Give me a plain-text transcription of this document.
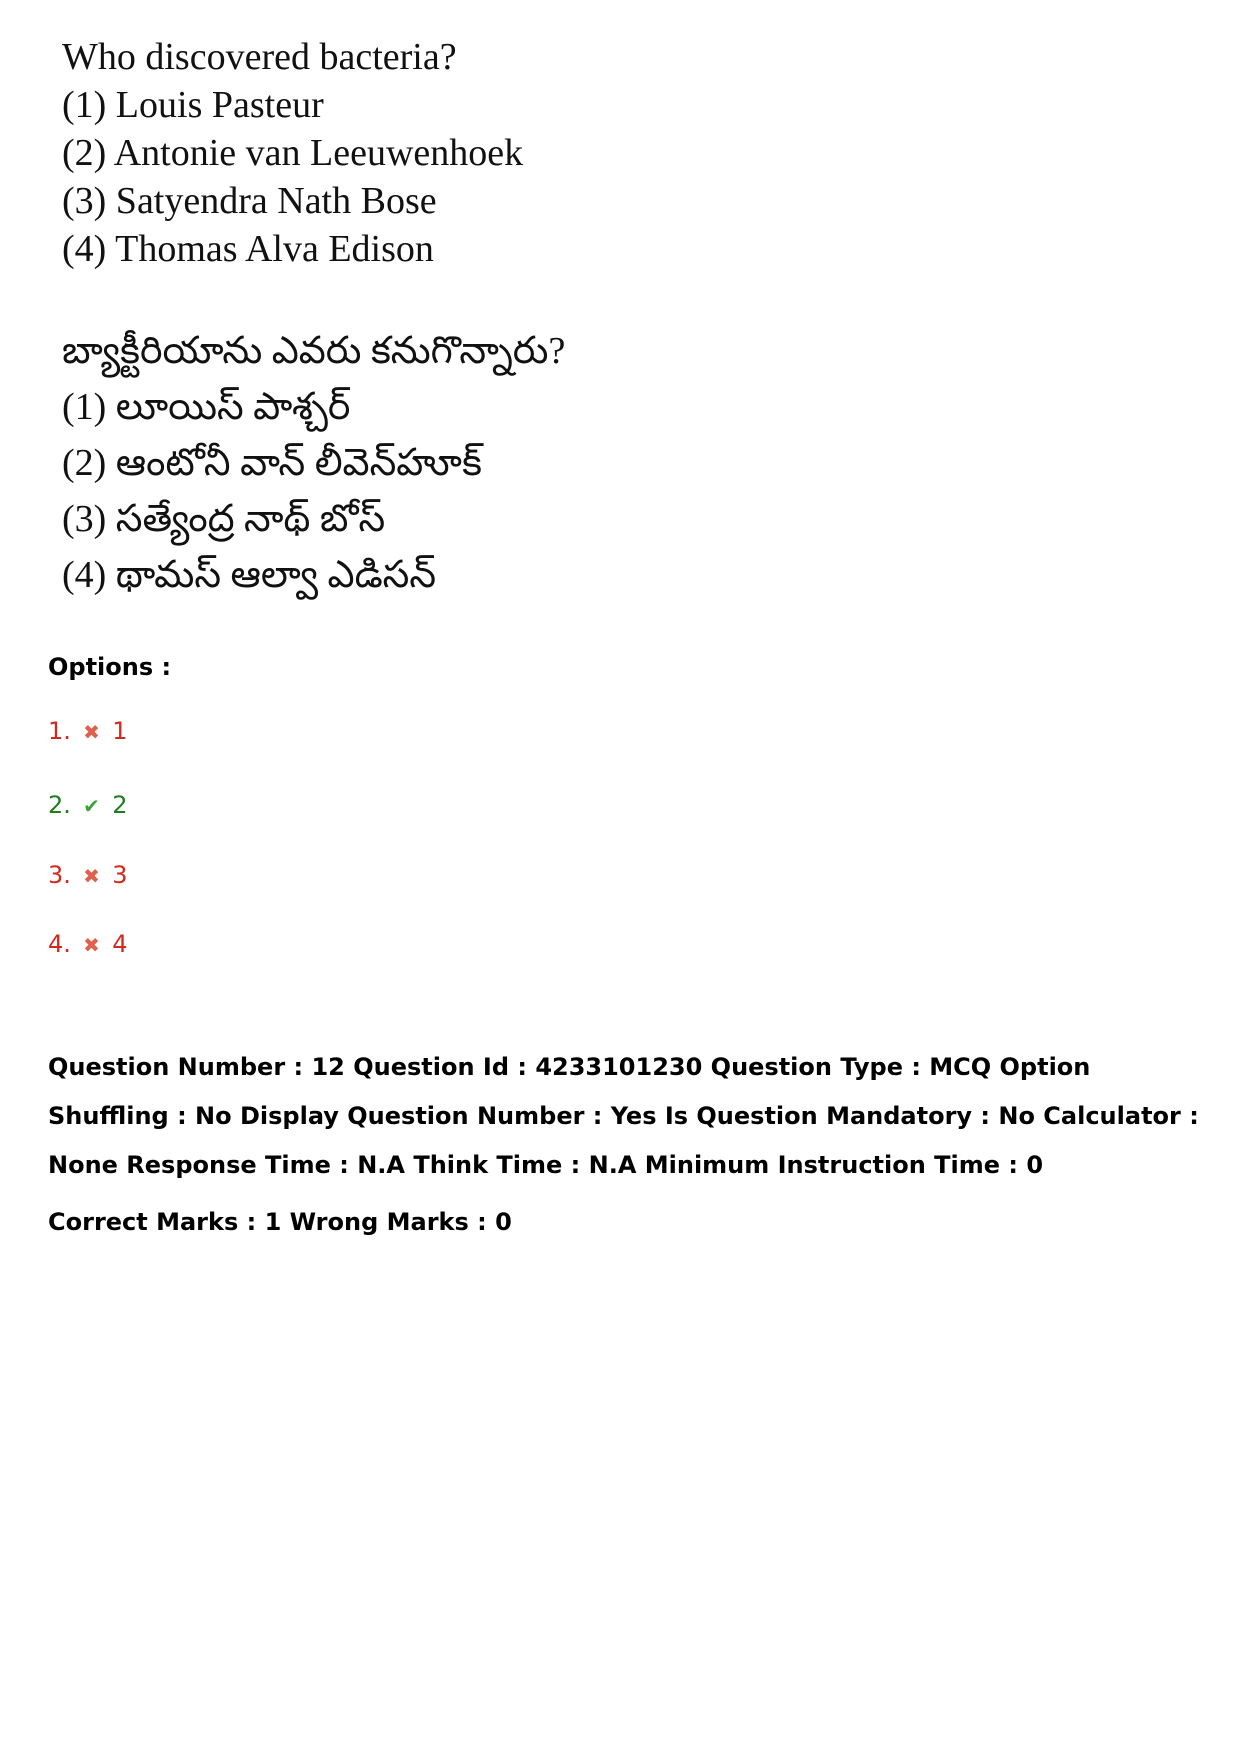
Who discovered bacteria?
(1) Louis Pasteur
(2) Antonie van Leeuwenhoek
(3) Satyendra Nath Bose
(4) Thomas Alva Edison
బ్యాక్టీరియాను ఎవరు కనుగొన్నారు?
(1) లూయిస్ పాశ్చర్
(2) ఆంటోనీ వాన్ లీవెన్‌హూక్
(3) సత్యేంద్ర నాథ్ బోస్
(4) థామస్ ఆల్వా ఎడిసన్
Options :
1. ✖ 1
2. ✔ 2
3. ✖ 3
4. ✖ 4
Question Number : 12 Question Id : 4233101230 Question Type : MCQ Option Shuffling : No Display Question Number : Yes Is Question Mandatory : No Calculator : None Response Time : N.A Think Time : N.A Minimum Instruction Time : 0
Correct Marks : 1 Wrong Marks : 0
